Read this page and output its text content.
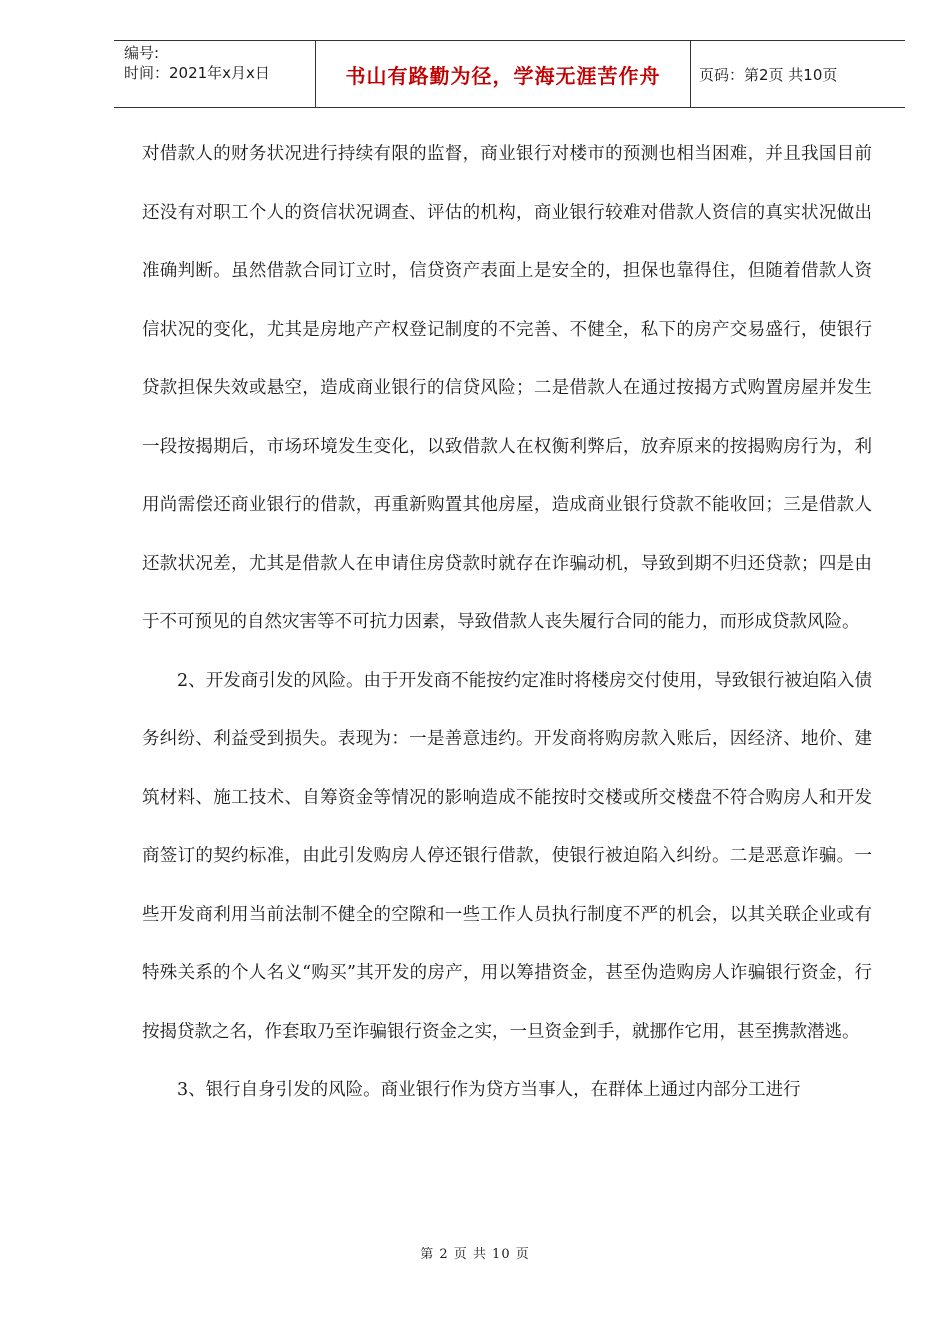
编号:
时间：2021年x月x日	书山有路勤为径，学海无涯苦作舟	页码：第2页 共10页

对借款人的财务状况进行持续有限的监督，商业银行对楼市的预测也相当困难，并且我国目前还没有对职工个人的资信状况调查、评估的机构，商业银行较难对借款人资信的真实状况做出准确判断。虽然借款合同订立时，信贷资产表面上是安全的，担保也靠得住，但随着借款人资信状况的变化，尤其是房地产产权登记制度的不完善、不健全，私下的房产交易盛行，使银行贷款担保失效或悬空，造成商业银行的信贷风险；二是借款人在通过按揭方式购置房屋并发生一段按揭期后，市场环境发生变化，以致借款人在权衡利弊后，放弃原来的按揭购房行为，利用尚需偿还商业银行的借款，再重新购置其他房屋，造成商业银行贷款不能收回；三是借款人还款状况差，尤其是借款人在申请住房贷款时就存在诈骗动机，导致到期不归还贷款；四是由于不可预见的自然灾害等不可抗力因素，导致借款人丧失履行合同的能力，而形成贷款风险。

2、开发商引发的风险。由于开发商不能按约定准时将楼房交付使用，导致银行被迫陷入债务纠纷、利益受到损失。表现为：一是善意违约。开发商将购房款入账后，因经济、地价、建筑材料、施工技术、自筹资金等情况的影响造成不能按时交楼或所交楼盘不符合购房人和开发商签订的契约标准，由此引发购房人停还银行借款，使银行被迫陷入纠纷。二是恶意诈骗。一些开发商利用当前法制不健全的空隙和一些工作人员执行制度不严的机会，以其关联企业或有特殊关系的个人名义“购买”其开发的房产，用以筹措资金，甚至伪造购房人诈骗银行资金，行按揭贷款之名，作套取乃至诈骗银行资金之实，一旦资金到手，就挪作它用，甚至携款潜逃。

3、银行自身引发的风险。商业银行作为贷方当事人，在群体上通过内部分工进行

第 2 页 共 10 页
